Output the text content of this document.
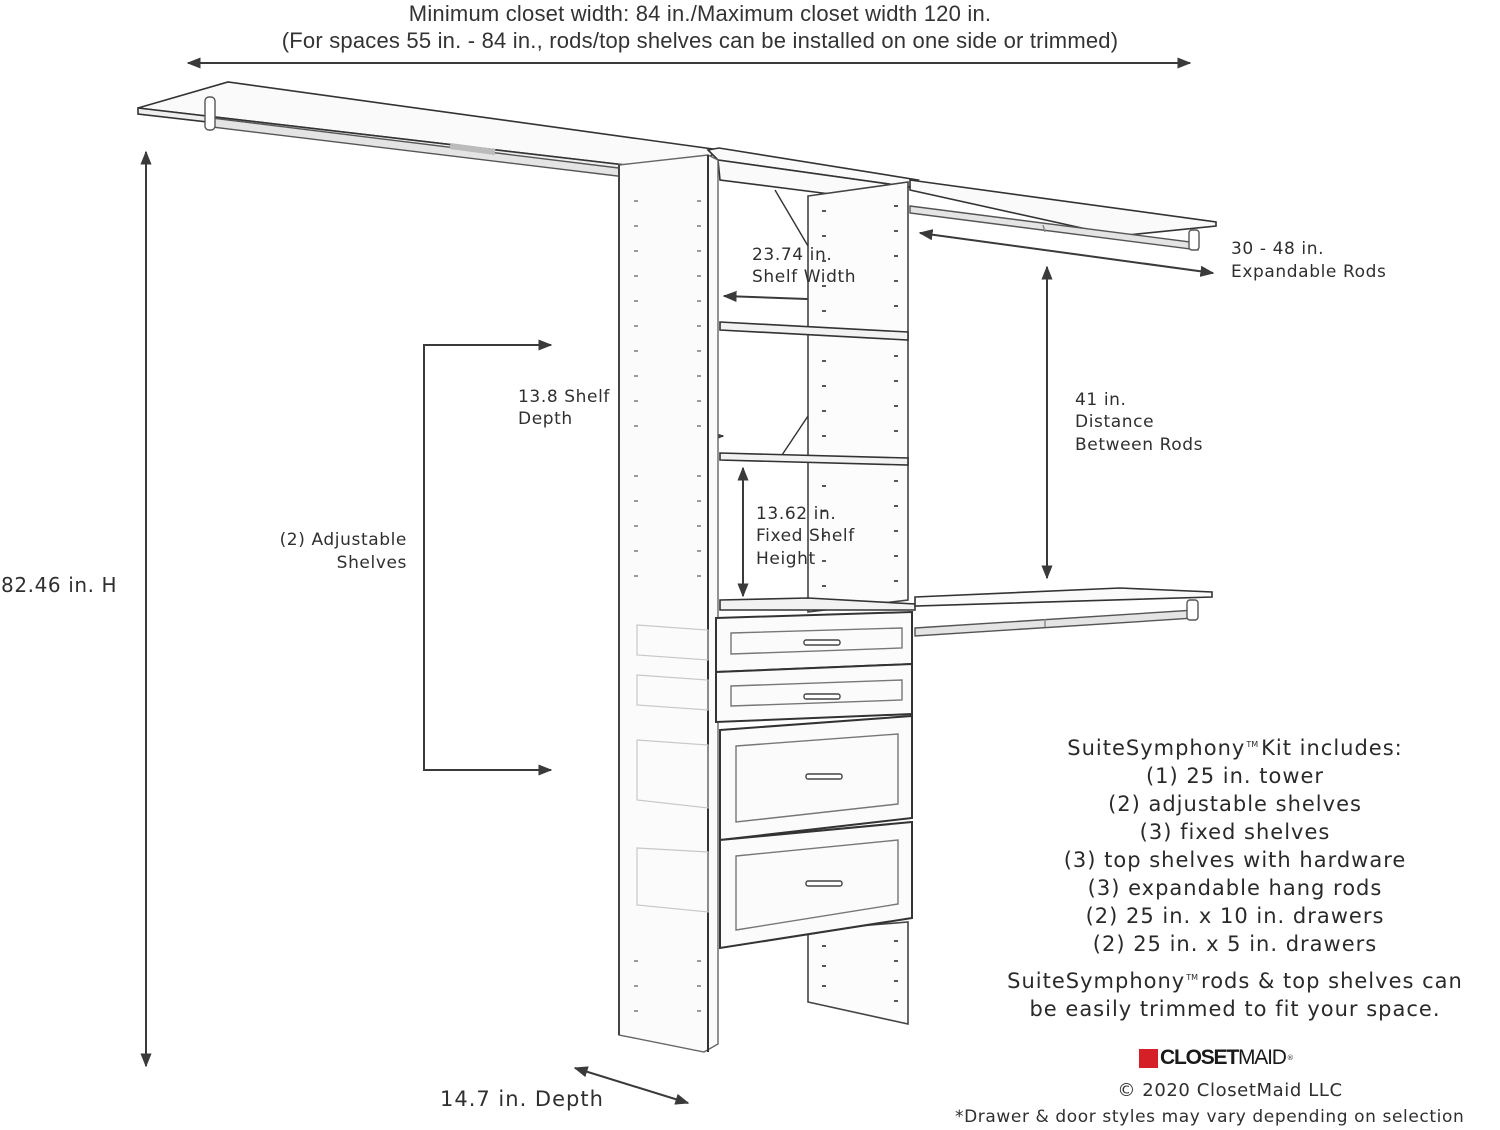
Minimum closet width: 84 in./Maximum closet width 120 in.
(For spaces 55 in. - 84 in., rods/top shelves can be installed on one side or trimmed)
82.46 in. H
23.74 in.
Shelf Width
30 - 48 in.
Expandable Rods
13.8 Shelf
Depth
41 in.
Distance
Between Rods
13.62 in.
Fixed Shelf
Height
(2) Adjustable
Shelves
14.7 in. Depth
SuiteSymphony™ Kit includes:
(1) 25 in. tower
(2) adjustable shelves
(3) fixed shelves
(3) top shelves with hardware
(3) expandable hang rods
(2) 25 in. x 10 in. drawers
(2) 25 in. x 5 in. drawers
SuiteSymphony™ rods & top shelves can
be easily trimmed to fit your space.
CLOSET MAID ®
© 2020 ClosetMaid LLC
*Drawer & door styles may vary depending on selection
